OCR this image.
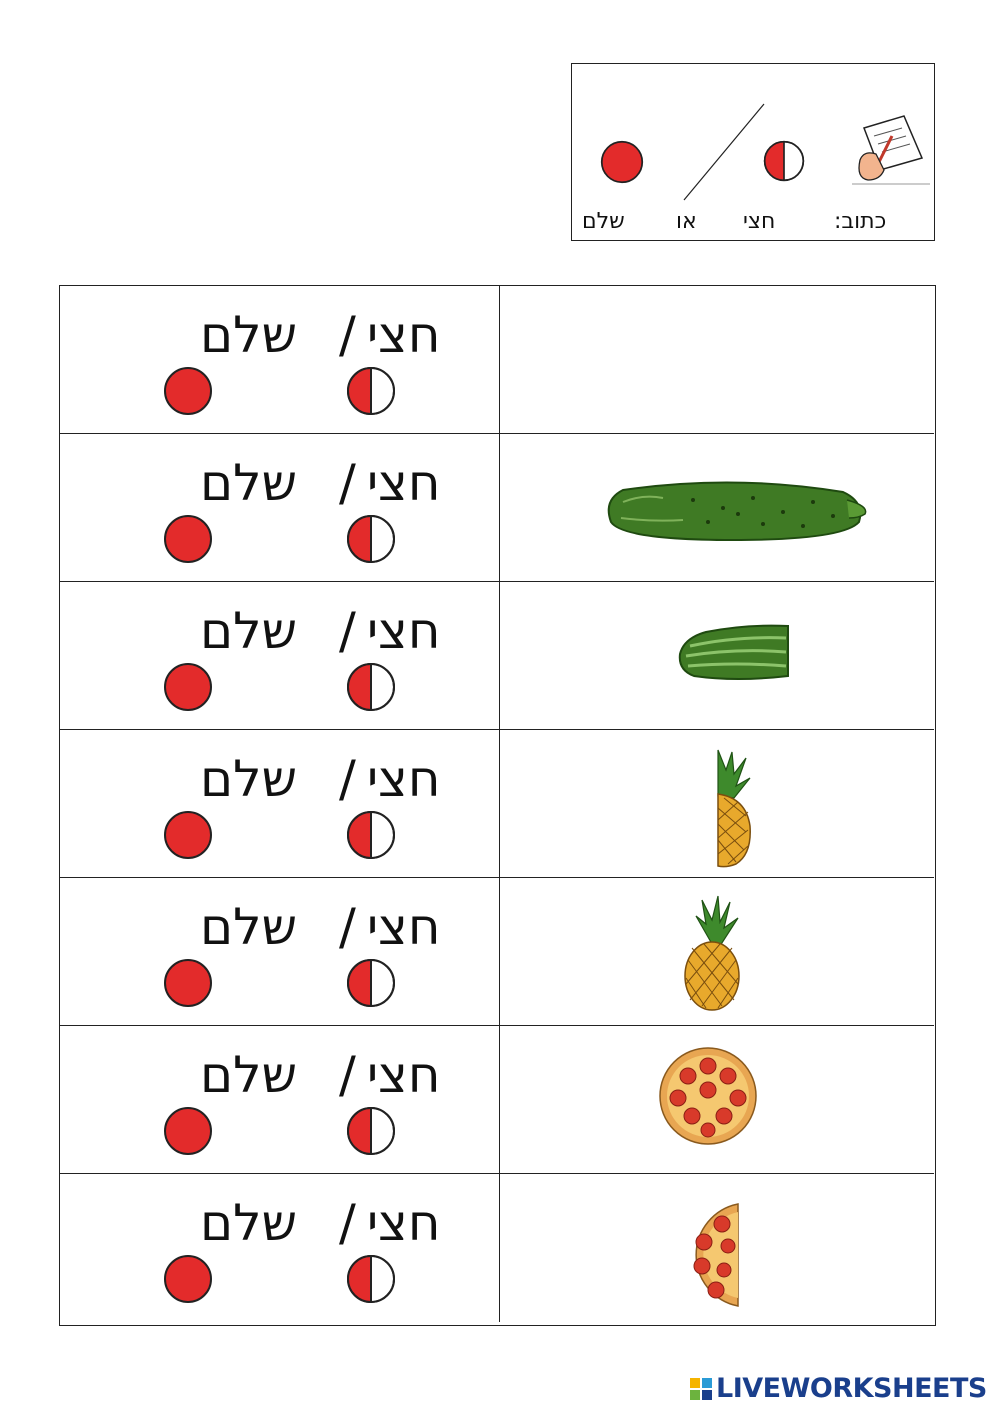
כתוב:
חצי
או
שלם
חצי
/
שלם
חצי
/
שלם
חצי
/
שלם
חצי
/
שלם
חצי
/
שלם
חצי
/
שלם
חצי
/
שלם
LIVEWORKSHEETS
